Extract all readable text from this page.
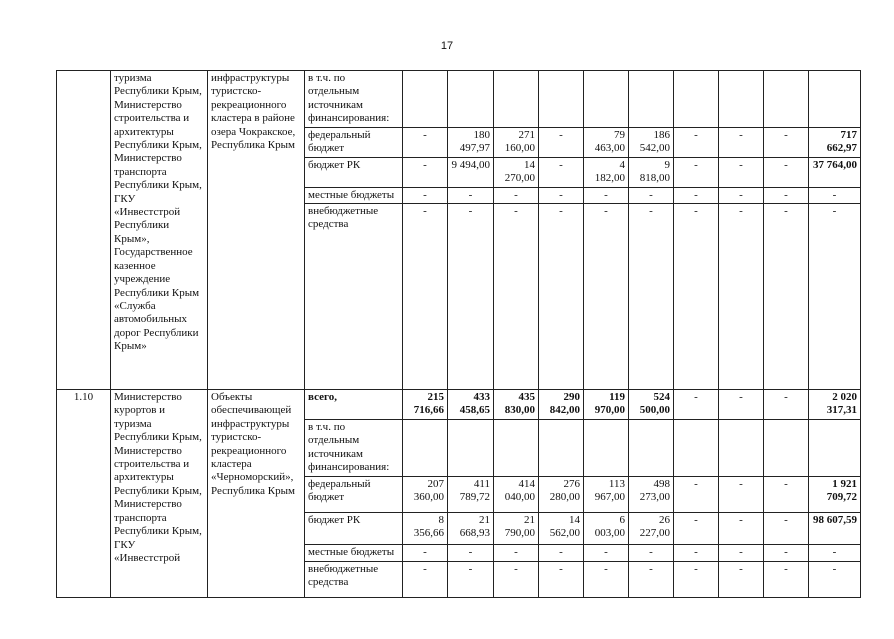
17
	туризма Республики Крым, Министерство строительства и архитектуры Республики Крым, Министерство транспорта Республики Крым, ГКУ «Инвестстрой Республики Крым», Государственное казенное учреждение Республики Крым «Служба автомобильных дорог Республики Крым»	инфраструктуры туристско-рекреационного кластера в районе озера Чокракское, Республика Крым	в т.ч. по отдельным источникам финансирования:										
			федеральный бюджет	-	180 497,97	271 160,00	-	79 463,00	186 542,00	-	-	-	717 662,97
			бюджет РК	-	9 494,00	14 270,00	-	4 182,00	9 818,00	-	-	-	37 764,00
			местные бюджеты	-	-	-	-	-	-	-	-	-	-
			внебюджетные средства	-	-	-	-	-	-	-	-	-	-
1.10	Министерство курортов и туризма Республики Крым, Министерство строительства и архитектуры Республики Крым, Министерство транспорта Республики Крым, ГКУ «Инвестстрой	Объекты обеспечивающей инфраструктуры туристско-рекреационного кластера «Черноморский», Республика Крым	всего,	215 716,66	433 458,65	435 830,00	290 842,00	119 970,00	524 500,00	-	-	-	2 020 317,31
			в т.ч. по отдельным источникам финансирования:										
			федеральный бюджет	207 360,00	411 789,72	414 040,00	276 280,00	113 967,00	498 273,00	-	-	-	1 921 709,72
			бюджет РК	8 356,66	21 668,93	21 790,00	14 562,00	6 003,00	26 227,00	-	-	-	98 607,59
			местные бюджеты	-	-	-	-	-	-	-	-	-	-
			внебюджетные средства	-	-	-	-	-	-	-	-	-	-
